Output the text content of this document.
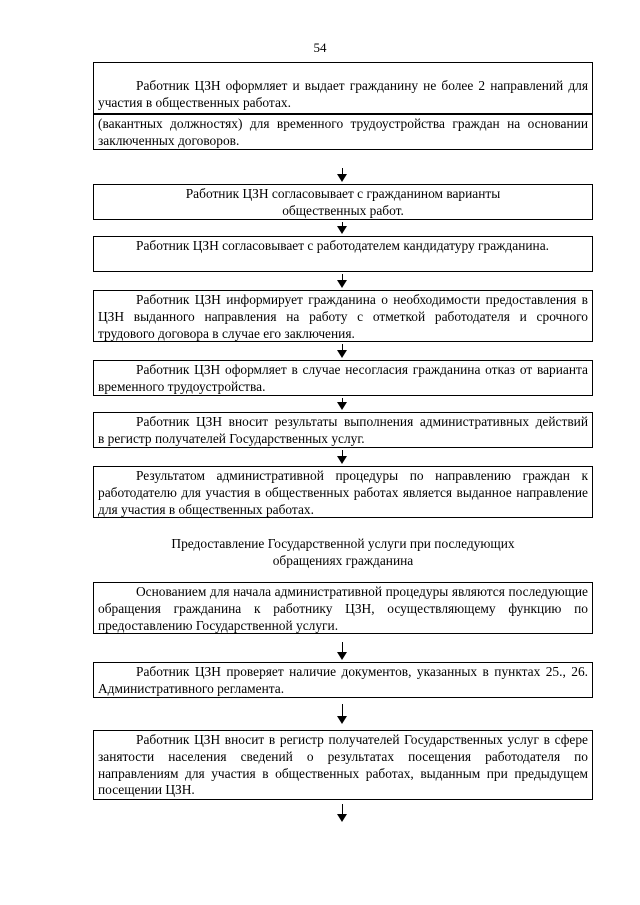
54

Работник ЦЗН оформляет и выдает гражданину не более 2 направлений для участия в общественных работах.

(вакантных должностях) для временного трудоустройства граждан на основании заключенных договоров.

Работник ЦЗН согласовывает с гражданином варианты общественных работ.

Работник ЦЗН согласовывает с работодателем кандидатуру гражданина.

Работник ЦЗН информирует гражданина о необходимости предоставления в ЦЗН выданного направления на работу с отметкой работодателя и срочного трудового договора в случае его заключения.

Работник ЦЗН оформляет в случае несогласия гражданина отказ от варианта временного трудоустройства.

Работник ЦЗН вносит результаты выполнения административных действий     в регистр получателей Государственных услуг.

Результатом административной процедуры по направлению граждан к работодателю для участия в общественных работах является выданное направление для участия в общественных работах.

Предоставление Государственной услуги при последующих обращениях гражданина

Основанием для начала административной процедуры являются последующие обращения гражданина к работнику ЦЗН, осуществляющему функцию по предоставлению Государственной услуги.

Работник ЦЗН проверяет наличие документов, указанных в пунктах 25., 26. Административного регламента.

Работник ЦЗН вносит в регистр получателей Государственных услуг в сфере занятости населения сведений о результатах посещения работодателя по направлениям для участия в общественных работах, выданным при предыдущем посещении ЦЗН.
